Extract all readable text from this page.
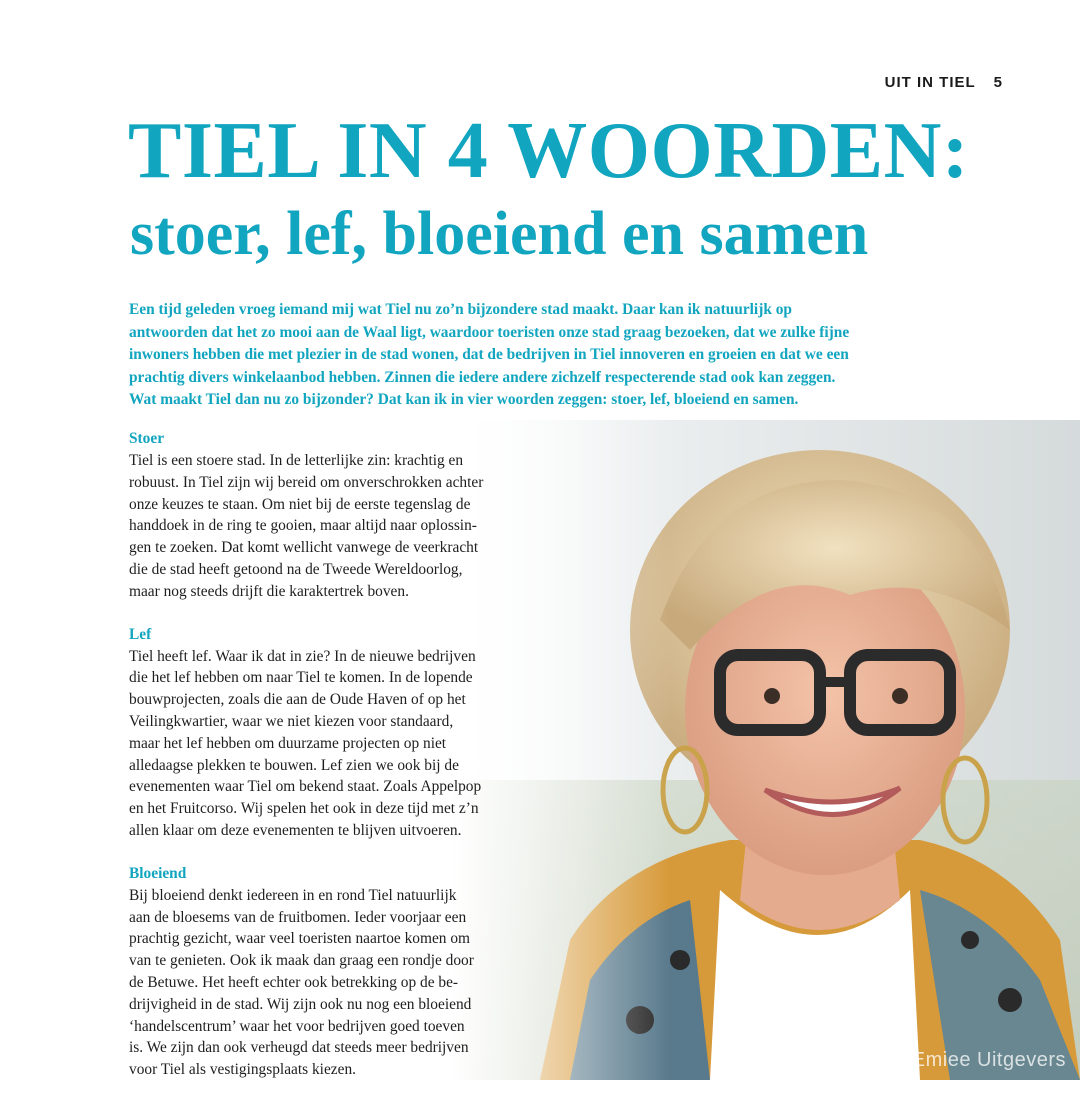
UIT IN TIEL 5
TIEL IN 4 WOORDEN:
stoer, lef, bloeiend en samen

Een tijd geleden vroeg iemand mij wat Tiel nu zo’n bijzondere stad maakt. Daar kan ik natuurlijk op
antwoorden dat het zo mooi aan de Waal ligt, waardoor toeristen onze stad graag bezoeken, dat we zulke fijne
inwoners hebben die met plezier in de stad wonen, dat de bedrijven in Tiel innoveren en groeien en dat we een
prachtig divers winkelaanbod hebben. Zinnen die iedere andere zichzelf respecterende stad ook kan zeggen.
Wat maakt Tiel dan nu zo bijzonder? Dat kan ik in vier woorden zeggen: stoer, lef, bloeiend en samen.

Stoer
Tiel is een stoere stad. In de letterlijke zin: krachtig en
robuust. In Tiel zijn wij bereid om onverschrokken achter
onze keuzes te staan. Om niet bij de eerste tegenslag de
handdoek in de ring te gooien, maar altijd naar oplossin-
gen te zoeken. Dat komt wellicht vanwege de veerkracht
die de stad heeft getoond na de Tweede Wereldoorlog,
maar nog steeds drijft die karaktertrek boven.
Lef
Tiel heeft lef. Waar ik dat in zie? In de nieuwe bedrijven
die het lef hebben om naar Tiel te komen. In de lopende
bouwprojecten, zoals die aan de Oude Haven of op het
Veilingkwartier, waar we niet kiezen voor standaard,
maar het lef hebben om duurzame projecten op niet
alledaagse plekken te bouwen. Lef zien we ook bij de
evenementen waar Tiel om bekend staat. Zoals Appelpop
en het Fruitcorso. Wij spelen het ook in deze tijd met z’n
allen klaar om deze evenementen te blijven uitvoeren.
Bloeiend
Bij bloeiend denkt iedereen in en rond Tiel natuurlijk
aan de bloesems van de fruitbomen. Ieder voorjaar een
prachtig gezicht, waar veel toeristen naartoe komen om
van te genieten. Ook ik maak dan graag een rondje door
de Betuwe. Het heeft echter ook betrekking op de be-
drijvigheid in de stad. Wij zijn ook nu nog een bloeiend
‘handelscentrum’ waar het voor bedrijven goed toeven
is. We zijn dan ook verheugd dat steeds meer bedrijven
voor Tiel als vestigingsplaats kiezen.	Emiee Uitgevers
